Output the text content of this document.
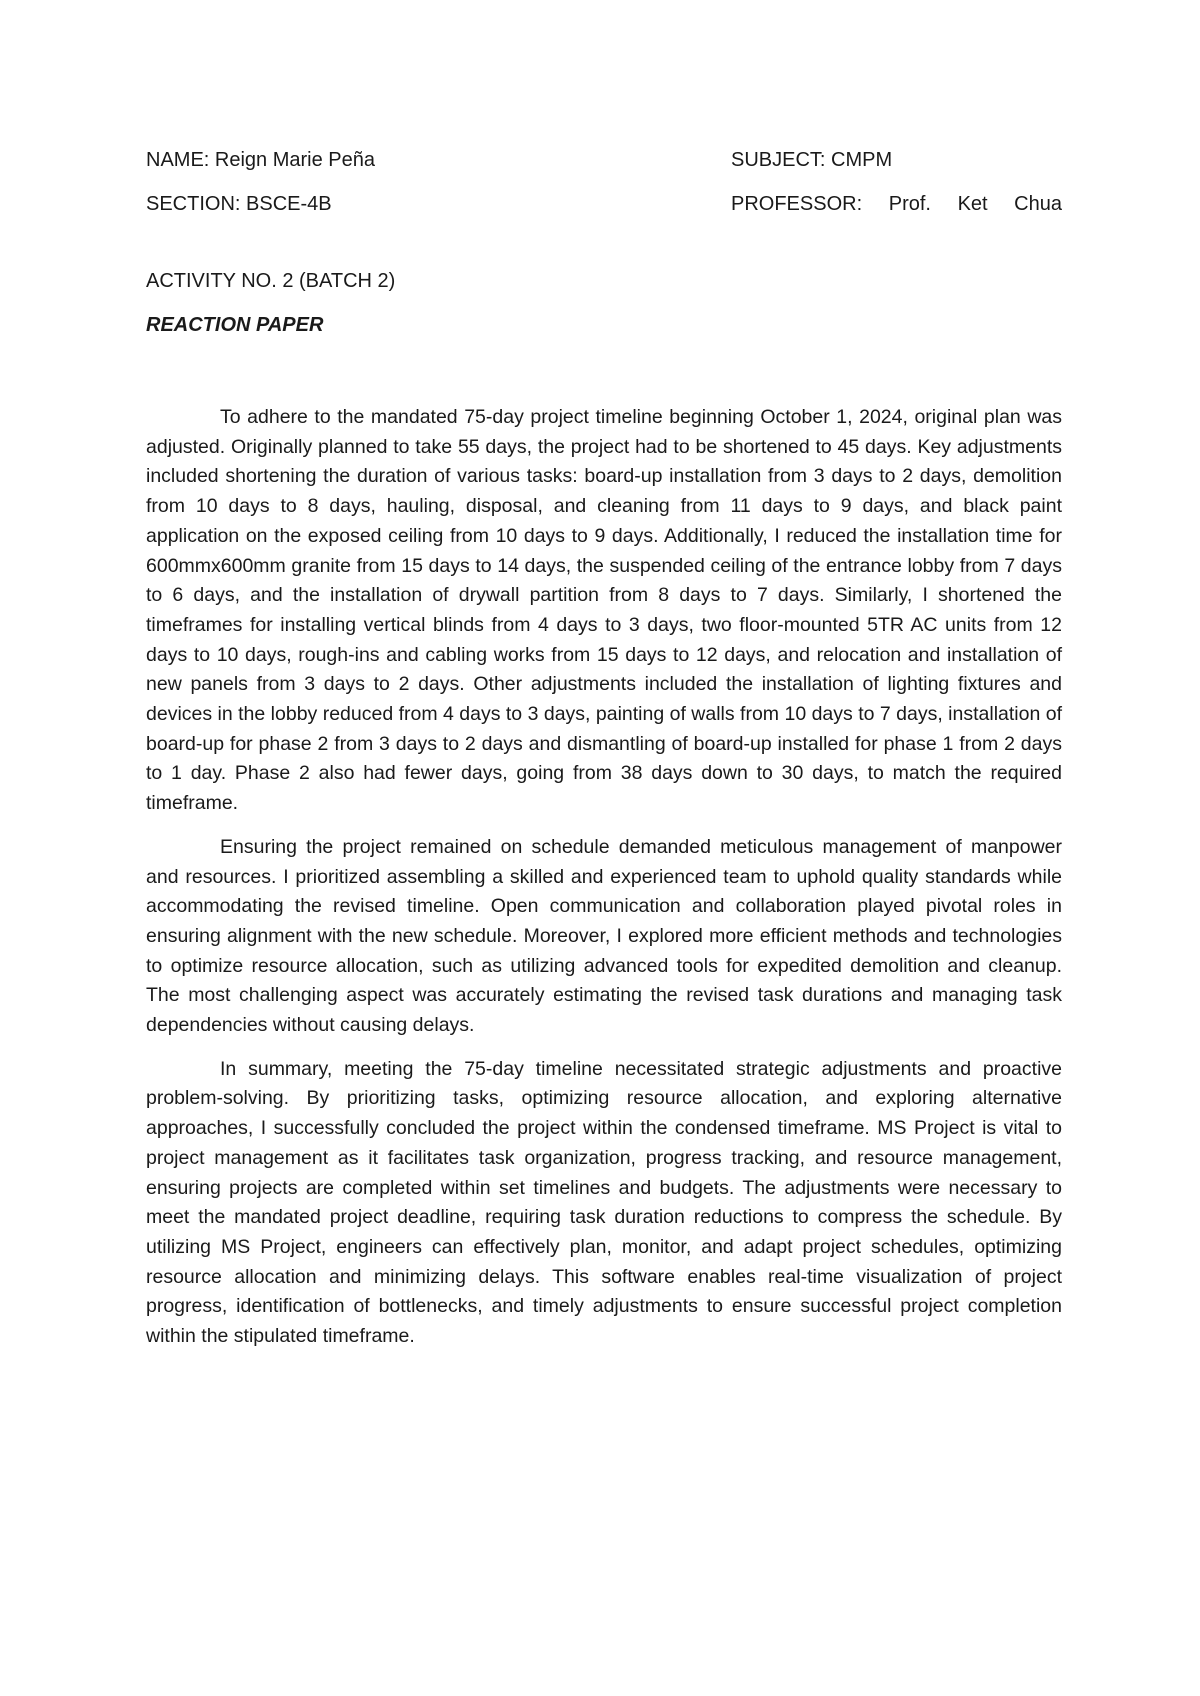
NAME: Reign Marie Peña	SUBJECT: CMPM
SECTION: BSCE-4B	PROFESSOR: Prof. Ket Chua
ACTIVITY NO. 2 (BATCH 2)
REACTION PAPER

To adhere to the mandated 75-day project timeline beginning October 1, 2024, original plan was adjusted. Originally planned to take 55 days, the project had to be shortened to 45 days. Key adjustments included shortening the duration of various tasks: board-up installation from 3 days to 2 days, demolition from 10 days to 8 days, hauling, disposal, and cleaning from 11 days to 9 days, and black paint application on the exposed ceiling from 10 days to 9 days. Additionally, I reduced the installation time for 600mmx600mm granite from 15 days to 14 days, the suspended ceiling of the entrance lobby from 7 days to 6 days, and the installation of drywall partition from 8 days to 7 days. Similarly, I shortened the timeframes for installing vertical blinds from 4 days to 3 days, two floor-mounted 5TR AC units from 12 days to 10 days, rough-ins and cabling works from 15 days to 12 days, and relocation and installation of new panels from 3 days to 2 days. Other adjustments included the installation of lighting fixtures and devices in the lobby reduced from 4 days to 3 days, painting of walls from 10 days to 7 days, installation of board-up for phase 2 from 3 days to 2 days and dismantling of board-up installed for phase 1 from 2 days to 1 day. Phase 2 also had fewer days, going from 38 days down to 30 days, to match the required timeframe.

Ensuring the project remained on schedule demanded meticulous management of manpower and resources. I prioritized assembling a skilled and experienced team to uphold quality standards while accommodating the revised timeline. Open communication and collaboration played pivotal roles in ensuring alignment with the new schedule. Moreover, I explored more efficient methods and technologies to optimize resource allocation, such as utilizing advanced tools for expedited demolition and cleanup. The most challenging aspect was accurately estimating the revised task durations and managing task dependencies without causing delays.

In summary, meeting the 75-day timeline necessitated strategic adjustments and proactive problem-solving. By prioritizing tasks, optimizing resource allocation, and exploring alternative approaches, I successfully concluded the project within the condensed timeframe. MS Project is vital to project management as it facilitates task organization, progress tracking, and resource management, ensuring projects are completed within set timelines and budgets. The adjustments were necessary to meet the mandated project deadline, requiring task duration reductions to compress the schedule. By utilizing MS Project, engineers can effectively plan, monitor, and adapt project schedules, optimizing resource allocation and minimizing delays. This software enables real-time visualization of project progress, identification of bottlenecks, and timely adjustments to ensure successful project completion within the stipulated timeframe.
